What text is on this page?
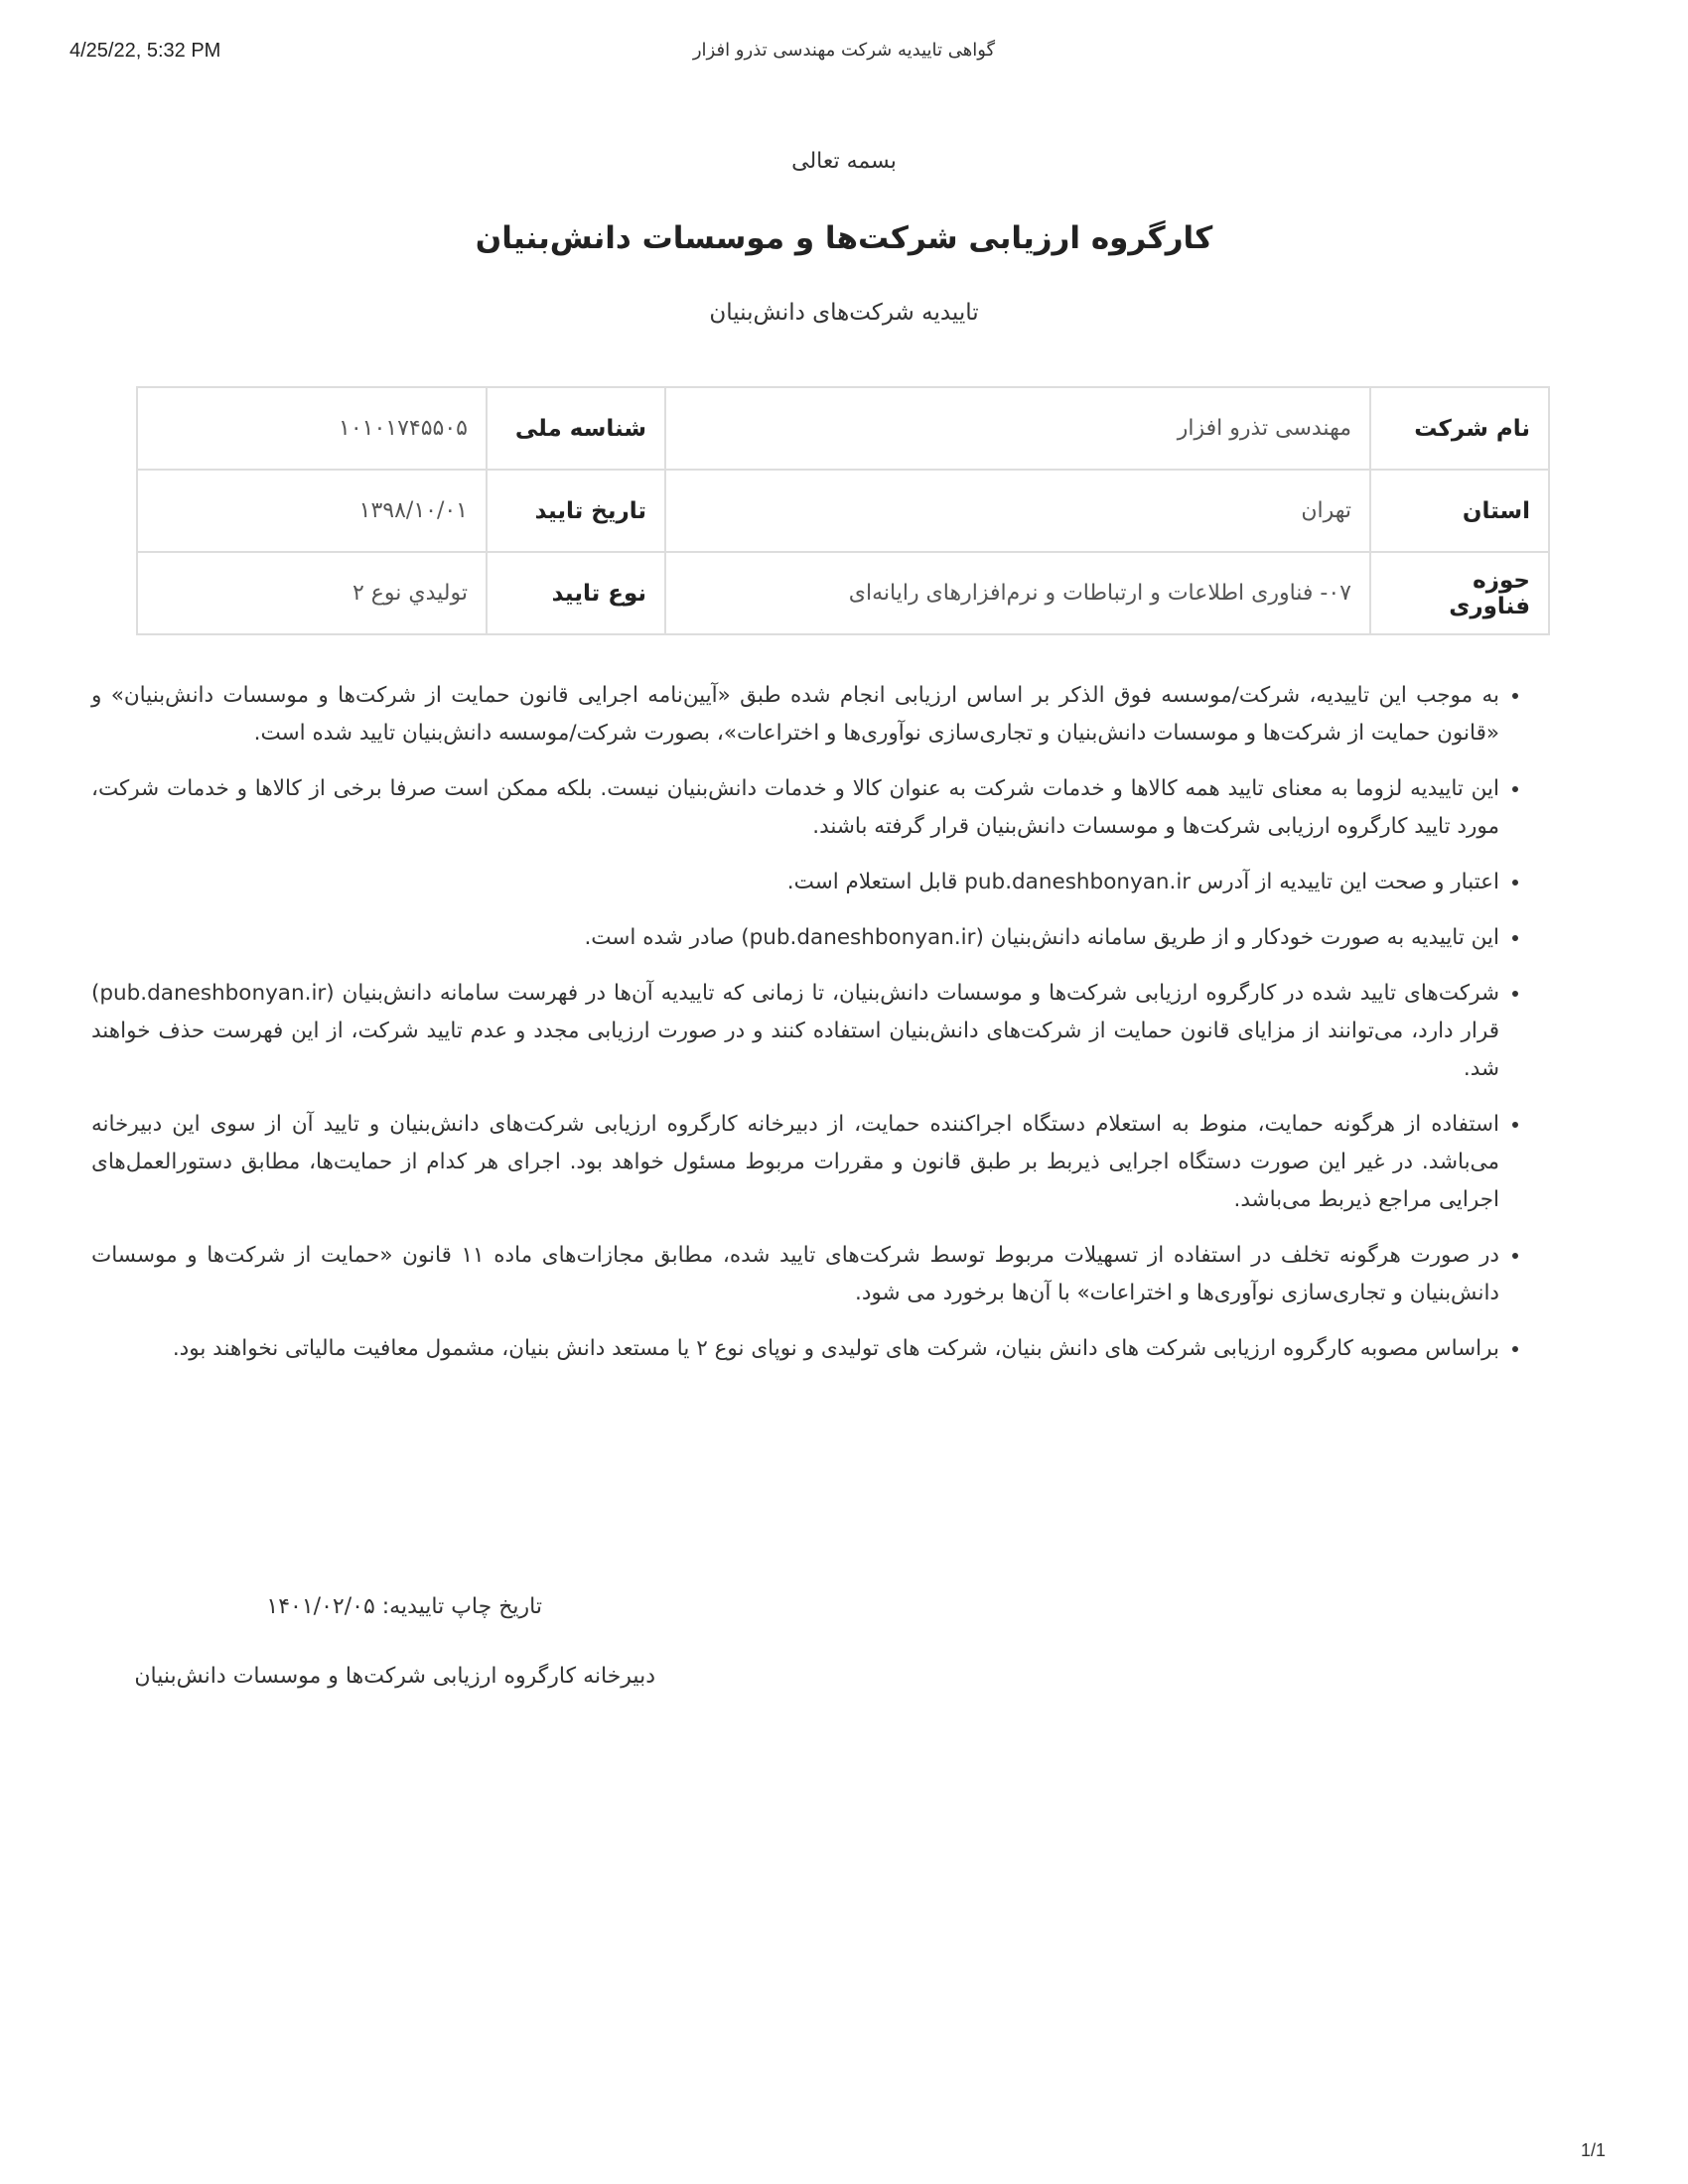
4/25/22, 5:32 PM	گواهی تاییدیه شرکت مهندسی تذرو افزار
بسمه تعالی
کارگروه ارزیابی شرکت‌ها و موسسات دانش‌بنیان
تاییدیه شرکت‌های دانش‌بنیان
نام شرکت	مهندسی تذرو افزار	شناسه ملی	۱۰۱۰۱۷۴۵۵۰۵
استان	تهران	تاریخ تایید	۱۳۹۸/۱۰/۰۱
حوزه فناوری	۰۷- فناوری اطلاعات و ارتباطات و نرم‌افزارهای رایانه‌ای	نوع تایید	توليدي نوع ۲
• به موجب این تاییدیه، شرکت/موسسه فوق الذکر بر اساس ارزیابی انجام شده طبق «آیین‌نامه اجرایی قانون حمایت از شرکت‌ها و موسسات دانش‌بنیان» و «قانون حمایت از شرکت‌ها و موسسات دانش‌بنیان و تجاری‌سازی نوآوری‌ها و اختراعات»، بصورت شرکت/موسسه دانش‌بنیان تایید شده است.
• این تاییدیه لزوما به معنای تایید همه کالاها و خدمات شرکت به عنوان کالا و خدمات دانش‌بنیان نیست. بلکه ممکن است صرفا برخی از کالاها و خدمات شرکت، مورد تایید کارگروه ارزیابی شرکت‌ها و موسسات دانش‌بنیان قرار گرفته باشند.
• اعتبار و صحت این تاییدیه از آدرس pub.daneshbonyan.ir قابل استعلام است.
• این تاییدیه به صورت خودکار و از طریق سامانه دانش‌بنیان (pub.daneshbonyan.ir) صادر شده است.
• شرکت‌های تایید شده در کارگروه ارزیابی شرکت‌ها و موسسات دانش‌بنیان، تا زمانی که تاییدیه آن‌ها در فهرست سامانه دانش‌بنیان (pub.daneshbonyan.ir) قرار دارد، می‌توانند از مزایای قانون حمایت از شرکت‌های دانش‌بنیان استفاده کنند و در صورت ارزیابی مجدد و عدم تایید شرکت، از این فهرست حذف خواهند شد.
• استفاده از هرگونه حمایت، منوط به استعلام دستگاه اجراکننده حمایت، از دبیرخانه کارگروه ارزیابی شرکت‌های دانش‌بنیان و تایید آن از سوی این دبیرخانه می‌باشد. در غیر این صورت دستگاه اجرایی ذیربط بر طبق قانون و مقررات مربوط مسئول خواهد بود. اجرای هر کدام از حمایت‌ها، مطابق دستورالعمل‌های اجرایی مراجع ذیربط می‌باشد.
• در صورت هرگونه تخلف در استفاده از تسهیلات مربوط توسط شرکت‌های تایید شده، مطابق مجازات‌های ماده ۱۱ قانون «حمایت از شرکت‌ها و موسسات دانش‌بنیان و تجاری‌سازی نوآوری‌ها و اختراعات» با آن‌ها برخورد می شود.
• براساس مصوبه کارگروه ارزیابی شرکت های دانش بنیان، شرکت های تولیدی و نوپای نوع ۲ یا مستعد دانش بنیان، مشمول معافیت مالیاتی نخواهند بود.
تاریخ چاپ تاییدیه: ۱۴۰۱/۰۲/۰۵
دبیرخانه کارگروه ارزیابی شرکت‌ها و موسسات دانش‌بنیان
1/1
